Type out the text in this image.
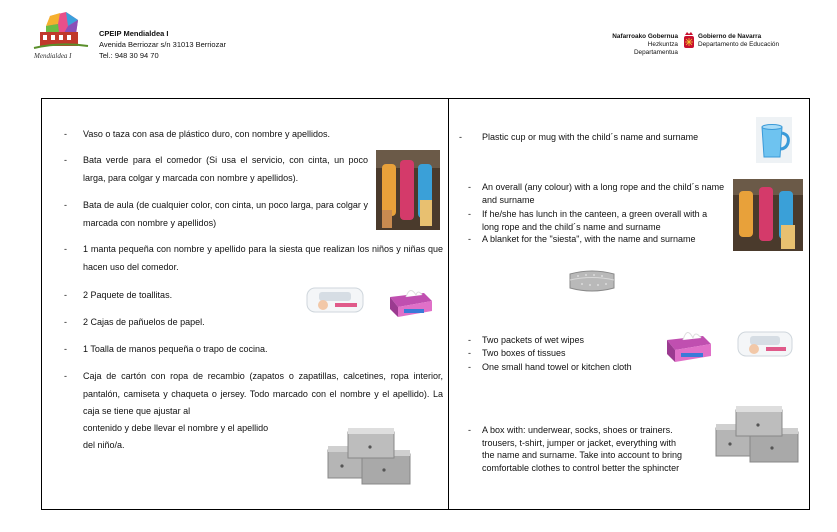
Mendialdea I
CPEIP Mendialdea I
Avenida Berriozar s/n 31013 Berriozar
Tel.: 948 30 94 70
Nafarroako Gobernua
Hezkuntza Departamentua
Gobierno de Navarra
Departamento de Educación
- Vaso o taza con asa de plástico duro, con nombre y apellidos.
- Bata verde para el comedor (Si usa el servicio, con cinta, un poco larga, para colgar y marcada con nombre y apellidos).
- Bata de aula (de cualquier color, con cinta, un poco larga, para colgar y marcada con nombre y apellidos)
- 1 manta pequeña con nombre y apellido para la siesta que realizan los niños y niñas que hacen uso del comedor.
- 2 Paquete de toallitas.
- 2 Cajas de pañuelos de papel.
- 1 Toalla de manos pequeña o trapo de cocina.
- Caja de cartón con ropa de recambio (zapatos o zapatillas, calcetines, ropa interior, pantalón, camiseta y chaqueta o jersey. Todo marcado con el nombre y el apellido). La caja se tiene que ajustar al
contenido y debe llevar el nombre y el apellido
del niño/a.
- Plastic cup or mug with the child´s name and surname
- An overall (any colour) with a long rope and the child´s name and surname
- If he/she has lunch in the canteen, a green overall with a long rope and the child´s name and surname
- A blanket for the "siesta", with the name and surname
- Two packets of wet wipes
- Two boxes of tissues
- One small hand towel or kitchen cloth
- A box with: underwear, socks, shoes or trainers. trousers, t-shirt, jumper or jacket, everything with the name and surname. Take into account to bring comfortable clothes to control better the sphincter
